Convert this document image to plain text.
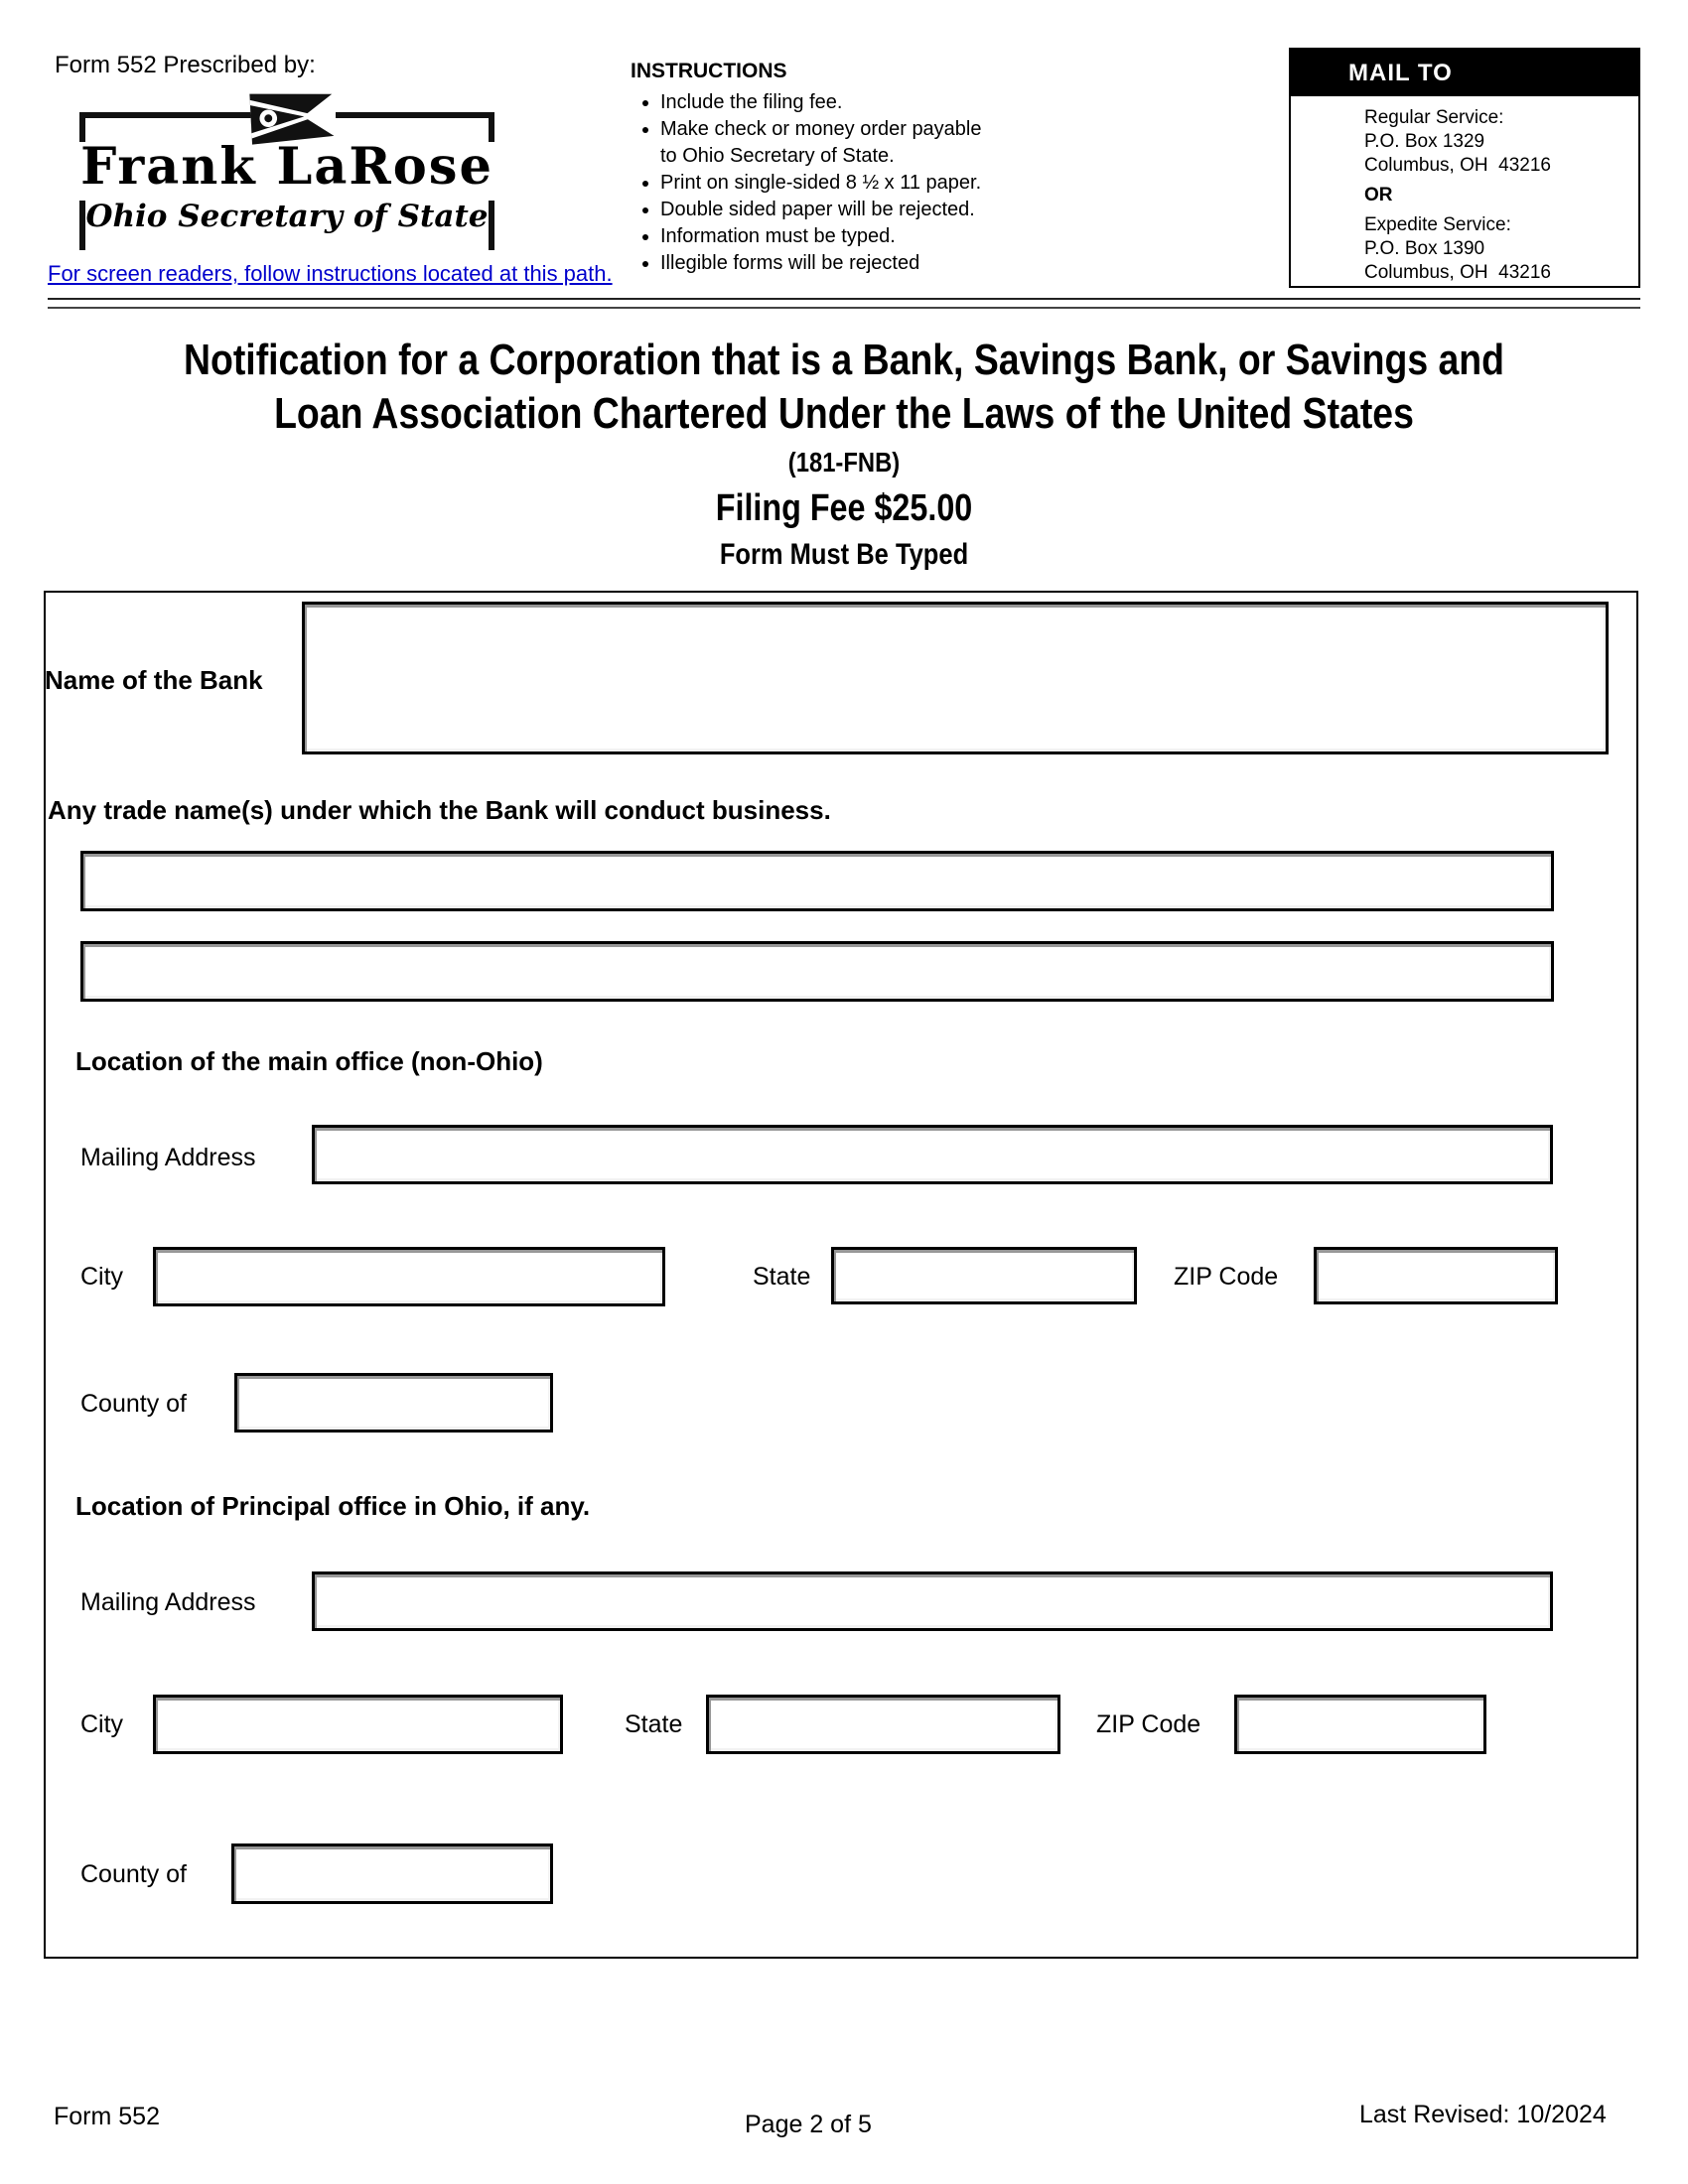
Form 552 Prescribed by:
Frank LaRose
Ohio Secretary of State
For screen readers, follow instructions located at this path.
INSTRUCTIONS
• Include the filing fee.
• Make check or money order payable to Ohio Secretary of State.
• Print on single-sided 8 ½ x 11 paper.
• Double sided paper will be rejected.
• Information must be typed.
• Illegible forms will be rejected
MAIL TO
Regular Service:
P.O. Box 1329
Columbus, OH  43216
OR
Expedite Service:
P.O. Box 1390
Columbus, OH  43216
Notification for a Corporation that is a Bank, Savings Bank, or Savings and
Loan Association Chartered Under the Laws of the United States
(181-FNB)
Filing Fee $25.00
Form Must Be Typed
Name of the Bank
Any trade name(s) under which the Bank will conduct business.
Location of the main office (non-Ohio)
Mailing Address
City	State	ZIP Code
County of
Location of Principal office in Ohio, if any.
Mailing Address
City	State	ZIP Code
County of
Form 552	Page 2 of 5	Last Revised: 10/2024
